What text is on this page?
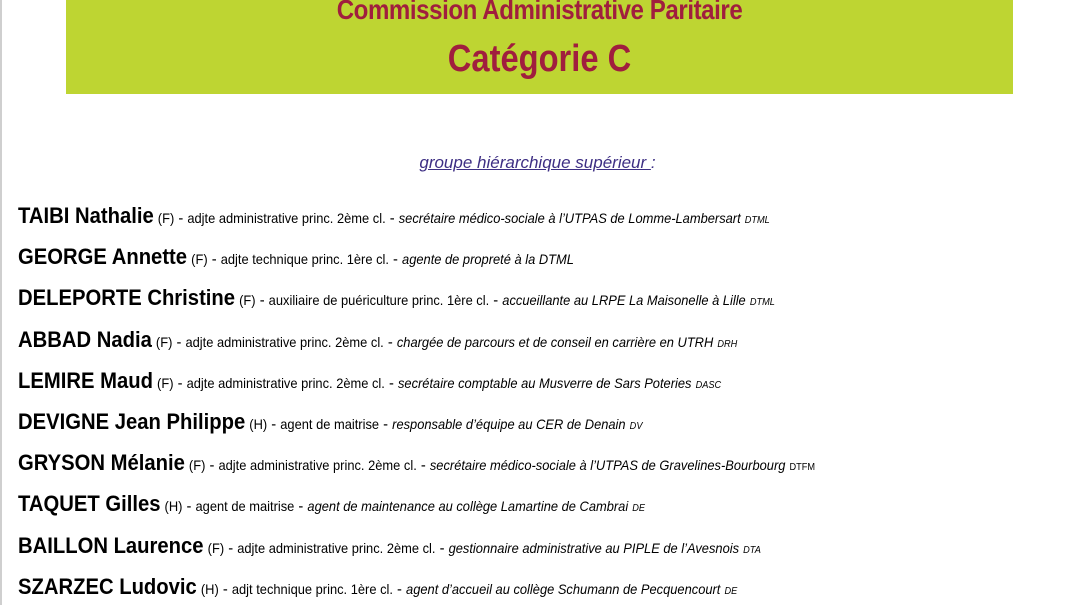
Commission Administrative Paritaire
Catégorie C
groupe hiérarchique supérieur :
TAIBI Nathalie (F) - adjte administrative princ. 2ème cl. - secrétaire médico-sociale à l’UTPAS de Lomme-Lambersart DTML
GEORGE Annette (F) - adjte technique princ. 1ère cl. - agente de propreté à la DTML
DELEPORTE Christine (F) - auxiliaire de puériculture princ. 1ère cl. - accueillante au LRPE La Maisonelle à Lille DTML
ABBAD Nadia (F) - adjte administrative princ. 2ème cl. - chargée de parcours et de conseil en carrière en UTRH DRH
LEMIRE Maud (F) - adjte administrative princ. 2ème cl. - secrétaire comptable au Musverre de Sars Poteries DASC
DEVIGNE Jean Philippe (H) - agent de maitrise - responsable d’équipe au CER de Denain DV
GRYSON Mélanie (F) - adjte administrative princ. 2ème cl. - secrétaire médico-sociale à l’UTPAS de Gravelines-Bourbourg DTFM
TAQUET Gilles (H) - agent de maitrise - agent de maintenance au collège Lamartine de Cambrai DE
BAILLON Laurence (F) - adjte administrative princ. 2ème cl. - gestionnaire administrative au PIPLE de l’Avesnois DTA
SZARZEC Ludovic (H) - adjt technique princ. 1ère cl. - agent d’accueil au collège Schumann de Pecquencourt DE
